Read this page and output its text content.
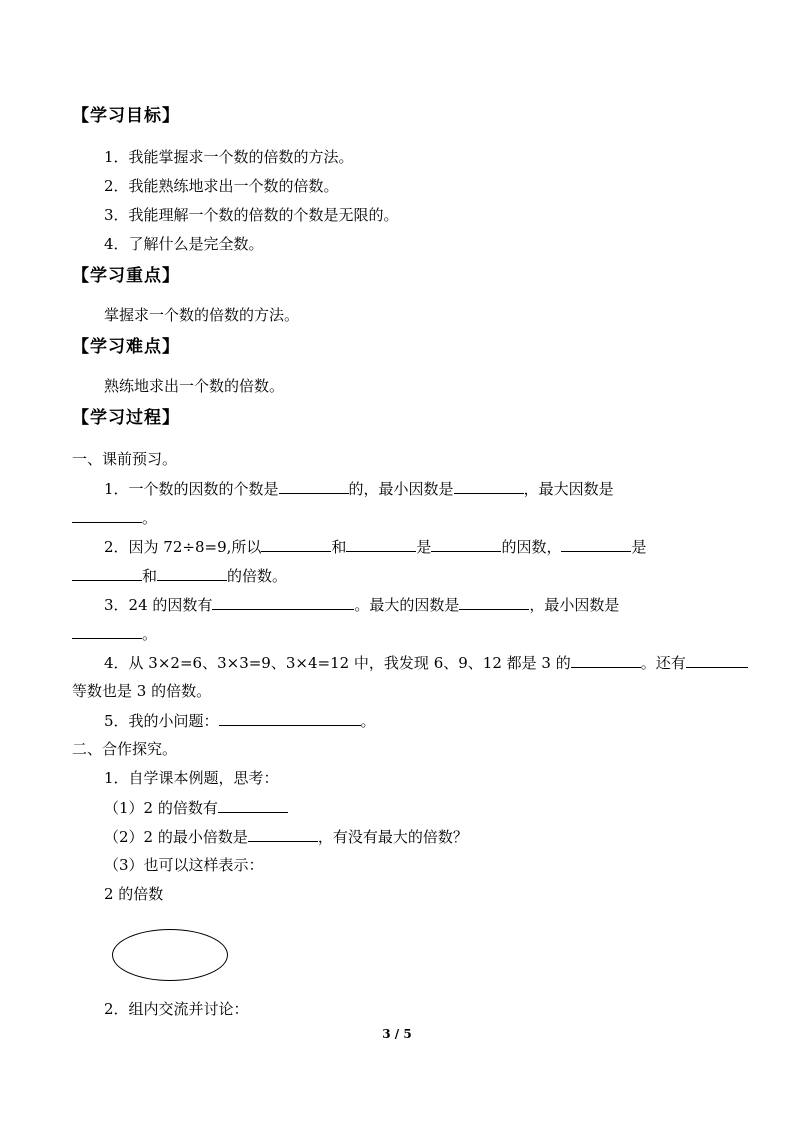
【学习目标】
1．我能掌握求一个数的倍数的方法。
2．我能熟练地求出一个数的倍数。
3．我能理解一个数的倍数的个数是无限的。
4．了解什么是完全数。
【学习重点】
掌握求一个数的倍数的方法。
【学习难点】
熟练地求出一个数的倍数。
【学习过程】
一、课前预习。
1．一个数的因数的个数是	的，最小因数是	，最大因数是
。
2．因为 72÷8=9,所以	和	是	的因数，	是
和	的倍数。
3．24 的因数有	。最大的因数是	，最小因数是
。
4．从 3×2=6、3×3=9、3×4=12 中，我发现 6、9、12 都是 3 的	。还有
等数也是 3 的倍数。
5．我的小问题：	。
二、合作探究。
1．自学课本例题，思考：
（1）2 的倍数有
（2）2 的最小倍数是	，有没有最大的倍数？
（3）也可以这样表示：
2 的倍数
2．组内交流并讨论：
3 / 5
